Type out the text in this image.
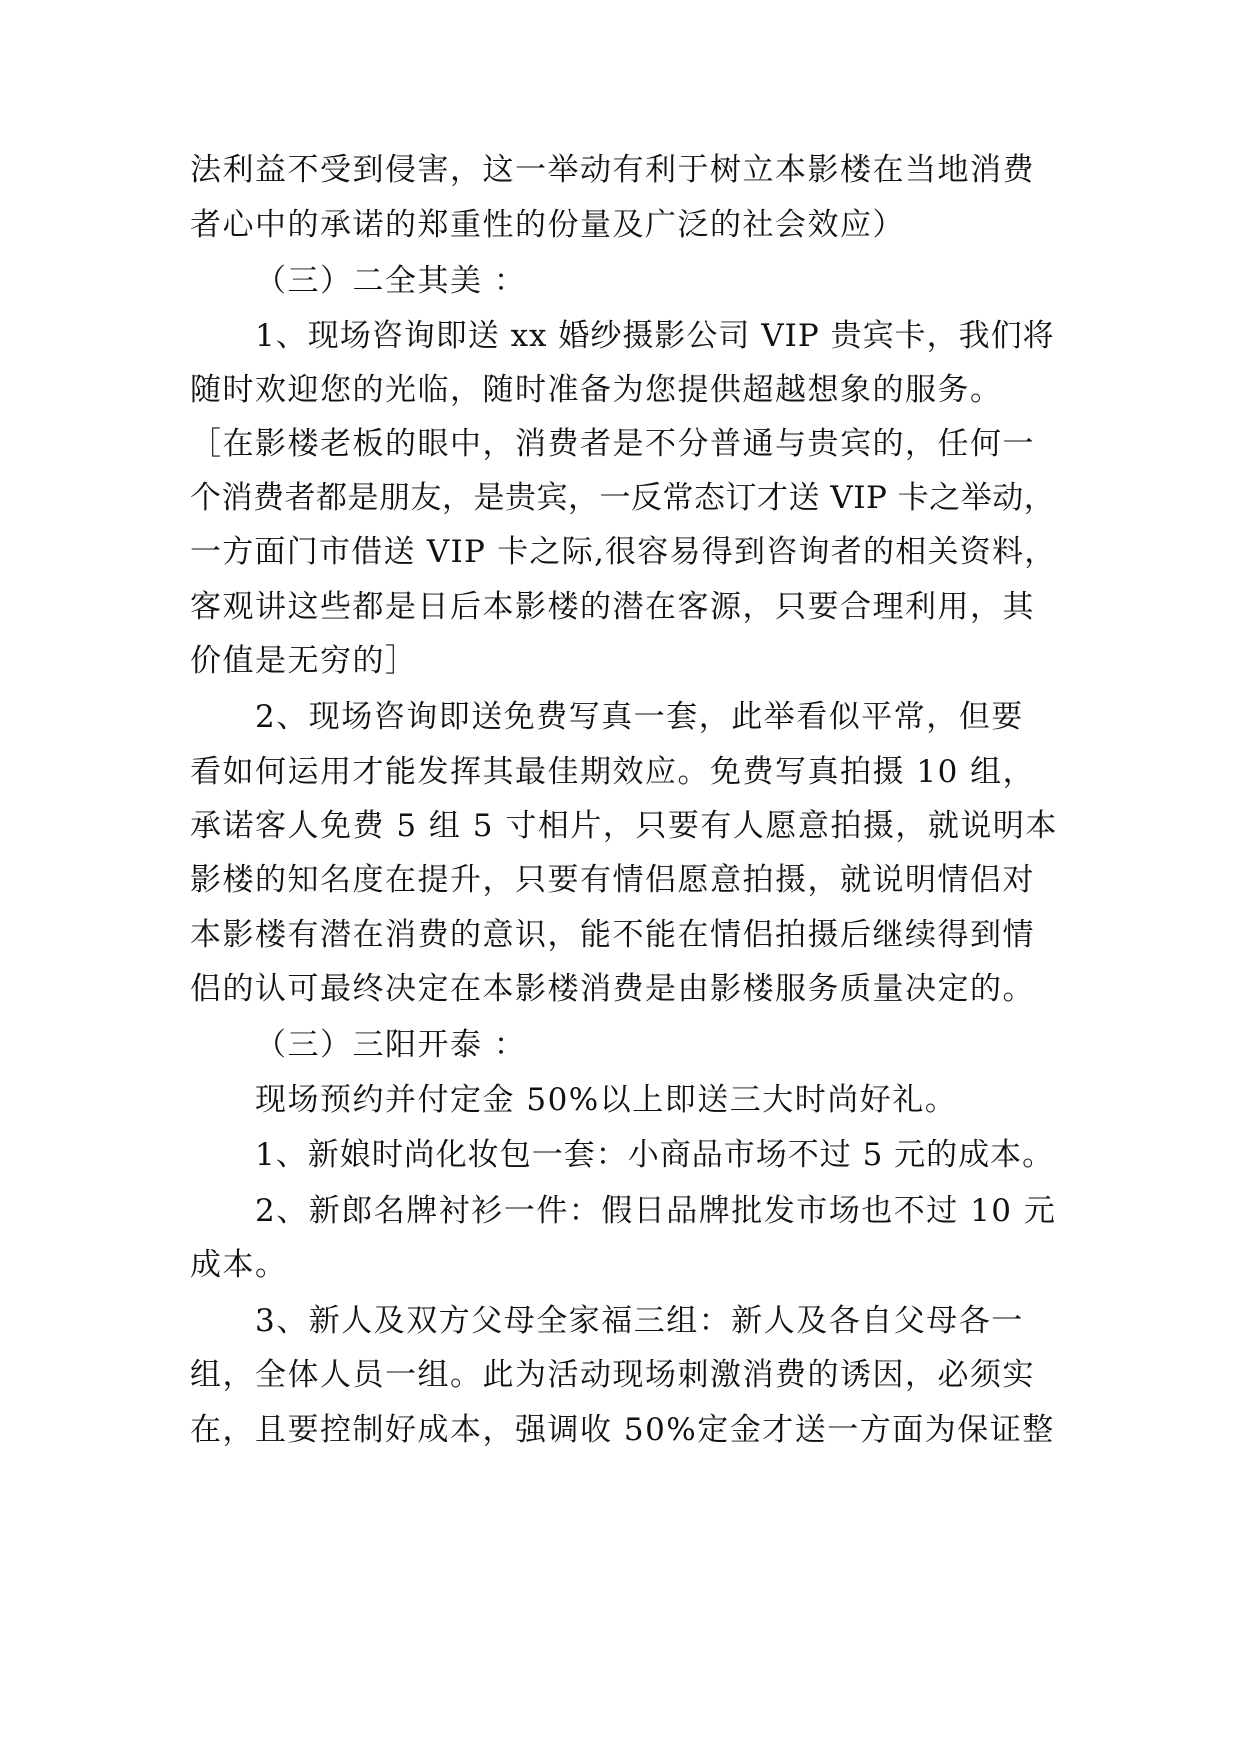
法利益不受到侵害，这一举动有利于树立本影楼在当地消费
者心中的承诺的郑重性的份量及广泛的社会效应）
（三）二全其美 ：
1、现场咨询即送 xx 婚纱摄影公司 VIP 贵宾卡，我们将
随时欢迎您的光临，随时准备为您提供超越想象的服务。
［在影楼老板的眼中，消费者是不分普通与贵宾的，任何一
个消费者都是朋友，是贵宾，一反常态订才送 VIP 卡之举动，
一方面门市借送 VIP 卡之际,很容易得到咨询者的相关资料，
客观讲这些都是日后本影楼的潜在客源，只要合理利用，其
价值是无穷的］
2、现场咨询即送免费写真一套，此举看似平常，但要
看如何运用才能发挥其最佳期效应。免费写真拍摄 10 组，
承诺客人免费 5 组 5 寸相片，只要有人愿意拍摄，就说明本
影楼的知名度在提升，只要有情侣愿意拍摄，就说明情侣对
本影楼有潜在消费的意识，能不能在情侣拍摄后继续得到情
侣的认可最终决定在本影楼消费是由影楼服务质量决定的。
（三）三阳开泰 ：
现场预约并付定金 50%以上即送三大时尚好礼。
1、新娘时尚化妆包一套：小商品市场不过 5 元的成本。
2、新郎名牌衬衫一件：假日品牌批发市场也不过 10 元
成本。
3、新人及双方父母全家福三组：新人及各自父母各一
组，全体人员一组。此为活动现场刺激消费的诱因，必须实
在，且要控制好成本，强调收 50%定金才送一方面为保证整
